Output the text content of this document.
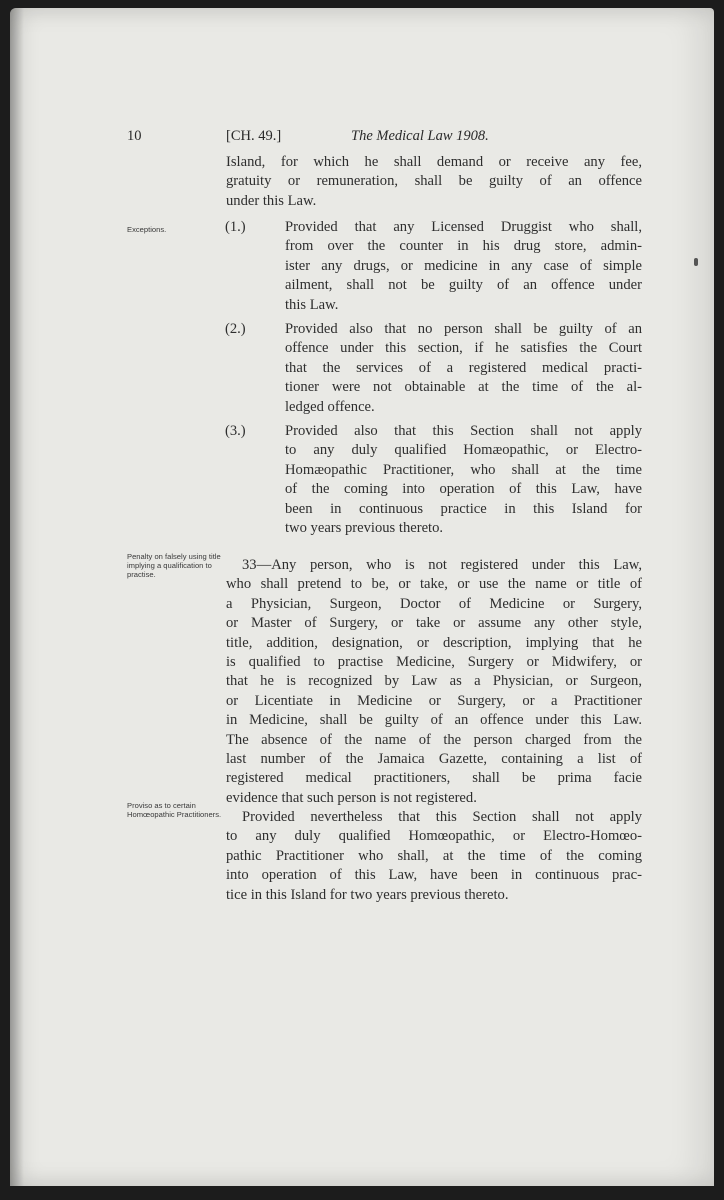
10	[CH. 49.]	The Medical Law 1908.
Island, for which he shall demand or receive any fee,
gratuity or remuneration, shall be guilty of an offence
under this Law.
Exceptions.	(1.)	Provided that any Licensed Druggist who shall,
from over the counter in his drug store, admin-
ister any drugs, or medicine in any case of simple
ailment, shall not be guilty of an offence under
this Law.
(2.)	Provided also that no person shall be guilty of an
offence under this section, if he satisfies the Court
that the services of a registered medical practi-
tioner were not obtainable at the time of the al-
ledged offence.
(3.)	Provided also that this Section shall not apply
to any duly qualified Homæopathic, or Electro-
Homæopathic Practitioner, who shall at the time
of the coming into operation of this Law, have
been in continuous practice in this Island for
two years previous thereto.
Penalty on falsely using title implying a qualification to practise.
33—Any person, who is not registered under this Law,
who shall pretend to be, or take, or use the name or title of
a Physician, Surgeon, Doctor of Medicine or Surgery,
or Master of Surgery, or take or assume any other style,
title, addition, designation, or description, implying that he
is qualified to practise Medicine, Surgery or Midwifery, or
that he is recognized by Law as a Physician, or Surgeon,
or Licentiate in Medicine or Surgery, or a Practitioner
in Medicine, shall be guilty of an offence under this Law.
The absence of the name of the person charged from the
last number of the Jamaica Gazette, containing a list of
registered medical practitioners, shall be prima facie
evidence that such person is not registered.
Proviso as to certain Homœopathic Practitioners.	Provided nevertheless that this Section shall not apply
to any duly qualified Homœopathic, or Electro-Homœo-
pathic Practitioner who shall, at the time of the coming
into operation of this Law, have been in continuous prac-
tice in this Island for two years previous thereto.
